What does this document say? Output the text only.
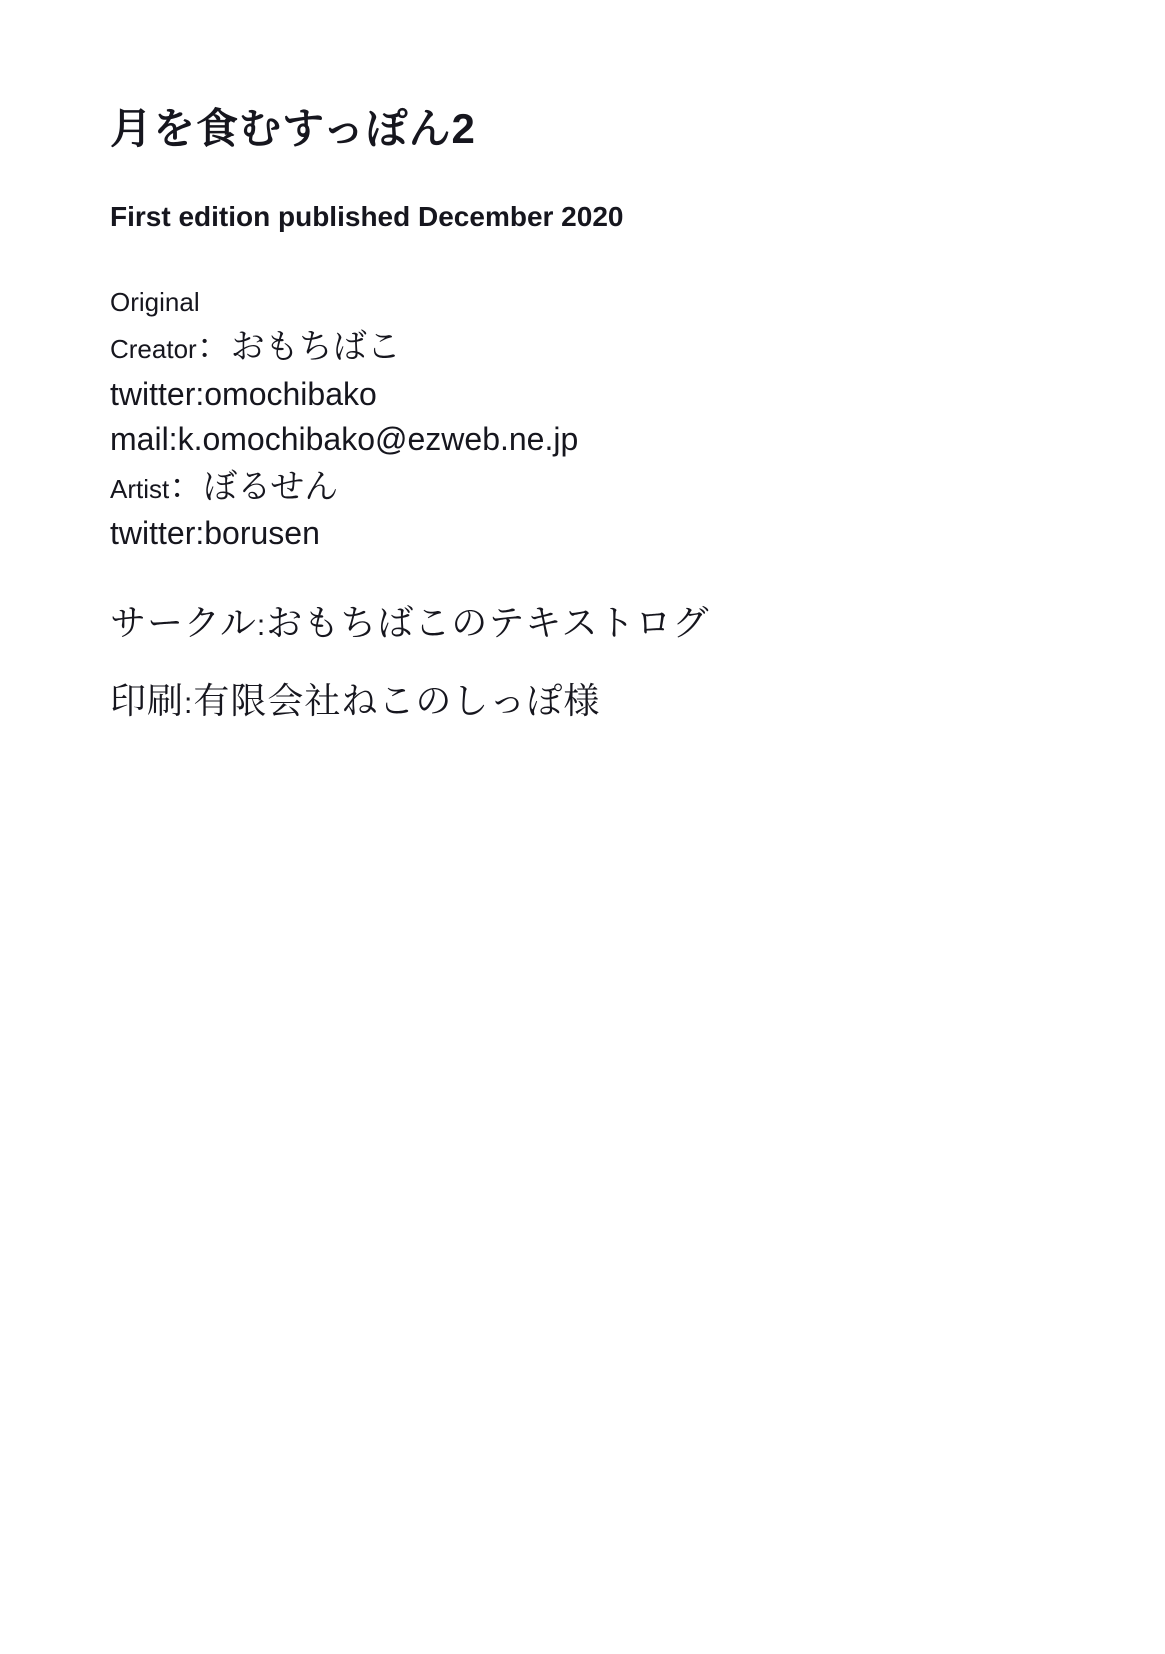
月を食むすっぽん2
First edition published December 2020
Original
Creator：おもちばこ
twitter:omochibako
mail:k.omochibako@ezweb.ne.jp
Artist：ぼるせん
twitter:borusen
サークル:おもちばこのテキストログ
印刷:有限会社ねこのしっぽ様
